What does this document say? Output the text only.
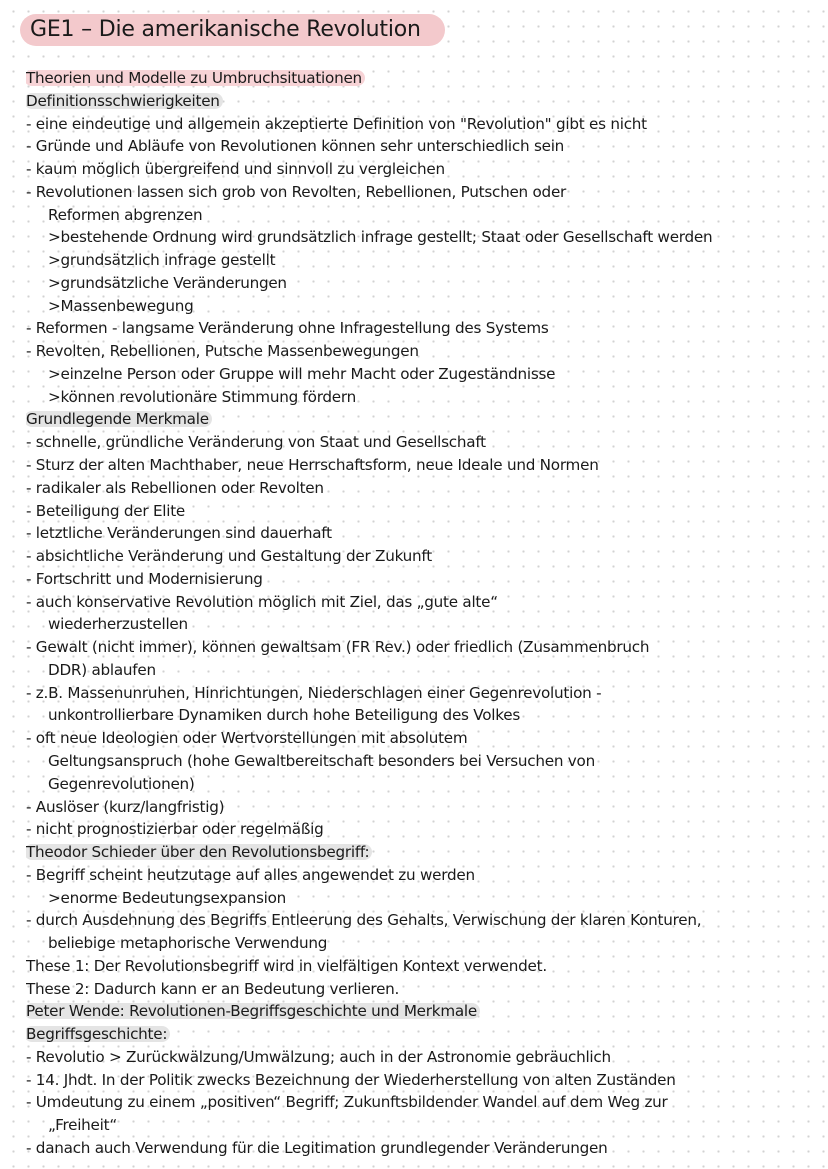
GE1 – Die amerikanische Revolution
Theorien und Modelle zu Umbruchsituationen
Definitionsschwierigkeiten
- eine eindeutige und allgemein akzeptierte Definition von "Revolution" gibt es nicht
- Gründe und Abläufe von Revolutionen können sehr unterschiedlich sein
- kaum möglich übergreifend und sinnvoll zu vergleichen
- Revolutionen lassen sich grob von Revolten, Rebellionen, Putschen oder
Reformen abgrenzen
>bestehende Ordnung wird grundsätzlich infrage gestellt; Staat oder Gesellschaft werden
>grundsätzlich infrage gestellt
>grundsätzliche Veränderungen
>Massenbewegung
- Reformen - langsame Veränderung ohne Infragestellung des Systems
- Revolten, Rebellionen, Putsche Massenbewegungen
>einzelne Person oder Gruppe will mehr Macht oder Zugeständnisse
>können revolutionäre Stimmung fördern
Grundlegende Merkmale
- schnelle, gründliche Veränderung von Staat und Gesellschaft
- Sturz der alten Machthaber, neue Herrschaftsform, neue Ideale und Normen
- radikaler als Rebellionen oder Revolten
- Beteiligung der Elite
- letztliche Veränderungen sind dauerhaft
- absichtliche Veränderung und Gestaltung der Zukunft
- Fortschritt und Modernisierung
- auch konservative Revolution möglich mit Ziel, das „gute alte“
wiederherzustellen
- Gewalt (nicht immer), können gewaltsam (FR Rev.) oder friedlich (Zusammenbruch
DDR) ablaufen
- z.B. Massenunruhen, Hinrichtungen, Niederschlagen einer Gegenrevolution -
unkontrollierbare Dynamiken durch hohe Beteiligung des Volkes
- oft neue Ideologien oder Wertvorstellungen mit absolutem
Geltungsanspruch (hohe Gewaltbereitschaft besonders bei Versuchen von
Gegenrevolutionen)
- Auslöser (kurz/langfristig)
- nicht prognostizierbar oder regelmäßig
Theodor Schieder über den Revolutionsbegriff:
- Begriff scheint heutzutage auf alles angewendet zu werden
>enorme Bedeutungsexpansion
- durch Ausdehnung des Begriffs Entleerung des Gehalts, Verwischung der klaren Konturen,
beliebige metaphorische Verwendung
These 1: Der Revolutionsbegriff wird in vielfältigen Kontext verwendet.
These 2: Dadurch kann er an Bedeutung verlieren.
Peter Wende: Revolutionen-Begriffsgeschichte und Merkmale
Begriffsgeschichte:
- Revolutio > Zurückwälzung/Umwälzung; auch in der Astronomie gebräuchlich
- 14. Jhdt. In der Politik zwecks Bezeichnung der Wiederherstellung von alten Zuständen
- Umdeutung zu einem „positiven“ Begriff; Zukunftsbildender Wandel auf dem Weg zur
„Freiheit“
- danach auch Verwendung für die Legitimation grundlegender Veränderungen
